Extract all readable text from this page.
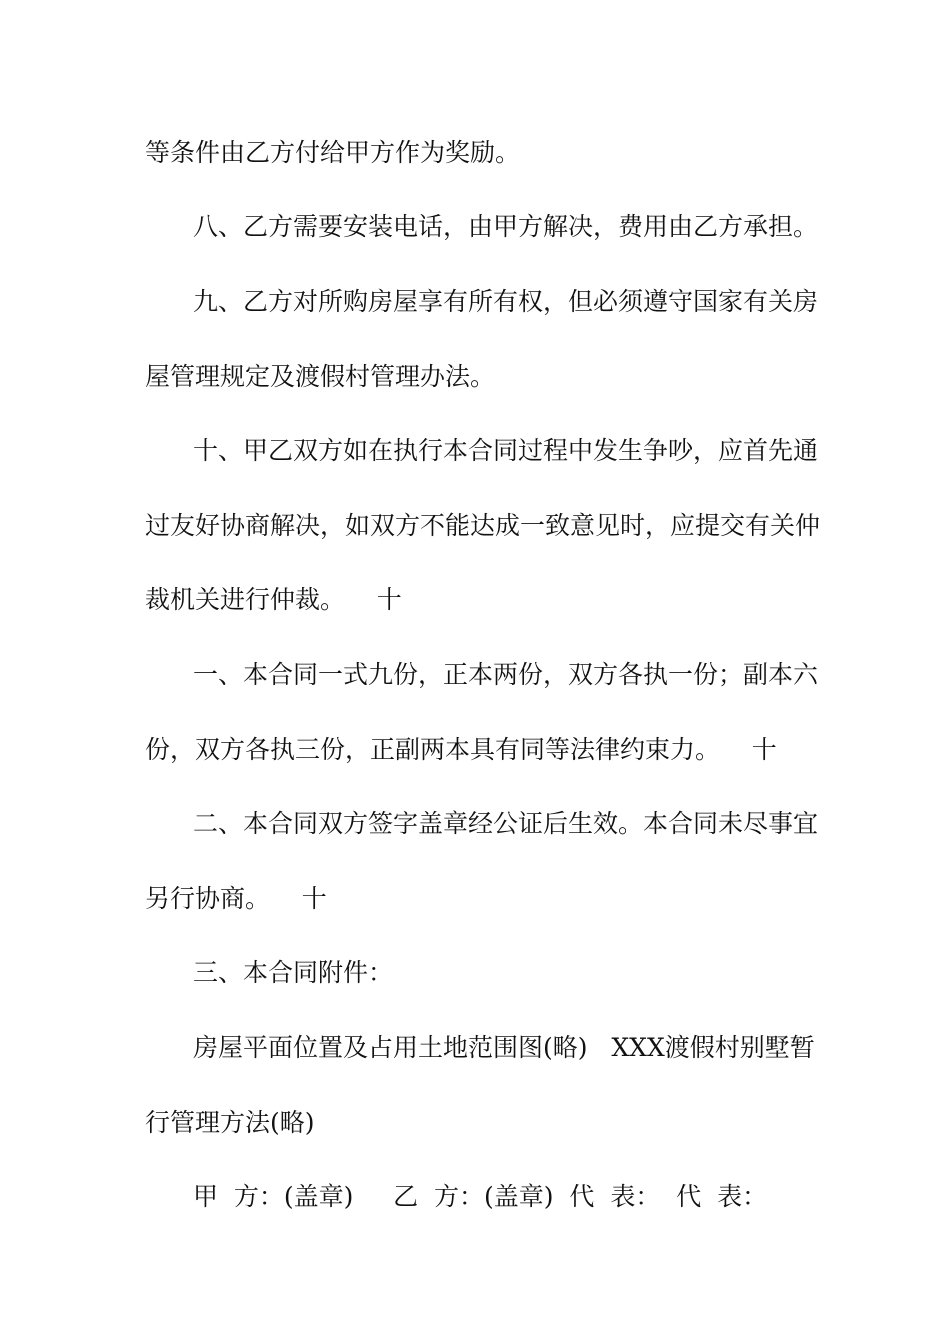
等条件由乙方付给甲方作为奖励。
八、乙方需要安装电话，由甲方解决，费用由乙方承担。
九、乙方对所购房屋享有所有权，但必须遵守国家有关房
屋管理规定及渡假村管理办法。
十、甲乙双方如在执行本合同过程中发生争吵，应首先通
过友好协商解决，如双方不能达成一致意见时，应提交有关仲
裁机关进行仲裁。    十
一、本合同一式九份，正本两份，双方各执一份；副本六
份，双方各执三份，正副两本具有同等法律约束力。    十
二、本合同双方签字盖章经公证后生效。本合同未尽事宜
另行协商。    十
三、本合同附件：
房屋平面位置及占用土地范围图(略)   XXX渡假村别墅暂
行管理方法(略)
甲  方：(盖章)     乙  方：(盖章)  代  表：  代  表：
